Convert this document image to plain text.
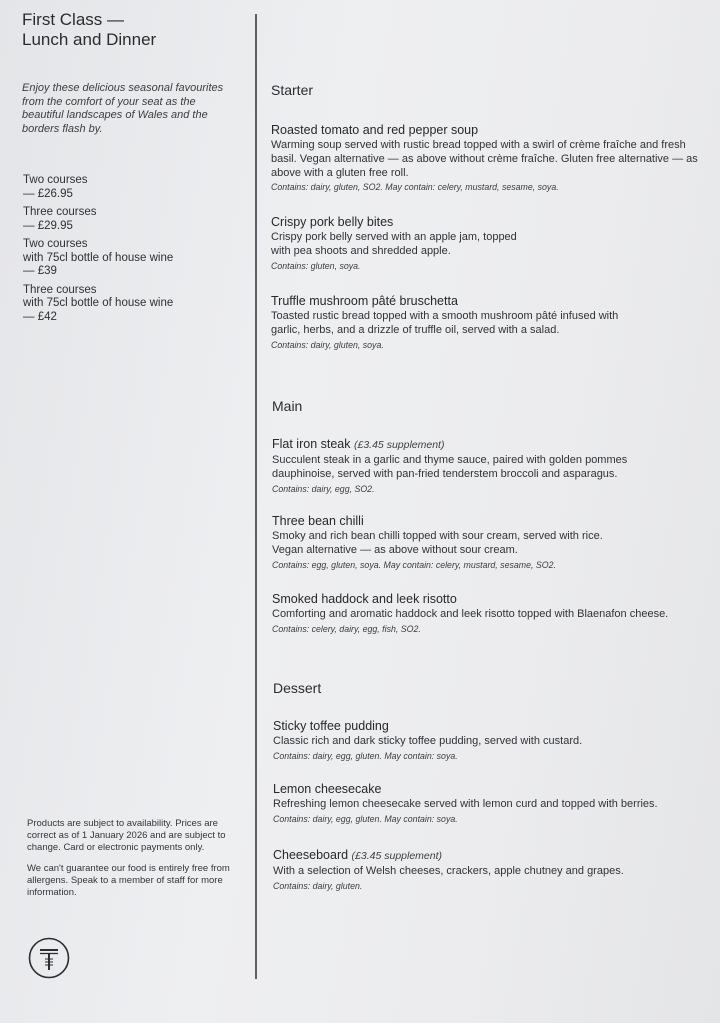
First Class —
Lunch and Dinner
Enjoy these delicious seasonal favourites from the comfort of your seat as the beautiful landscapes of Wales and the borders flash by.
Two courses
— £26.95
Three courses
— £29.95
Two courses
with 75cl bottle of house wine
— £39
Three courses
with 75cl bottle of house wine
— £42

Products are subject to availability. Prices are correct as of 1 January 2026 and are subject to change. Card or electronic payments only.

We can't guarantee our food is entirely free from allergens. Speak to a member of staff for more information.

Starter
Roasted tomato and red pepper soup
Warming soup served with rustic bread topped with a swirl of crème fraîche and fresh basil. Vegan alternative — as above without crème fraîche. Gluten free alternative — as above with a gluten free roll.
Contains: dairy, gluten, SO2. May contain: celery, mustard, sesame, soya.
Crispy pork belly bites
Crispy pork belly served with an apple jam, topped with pea shoots and shredded apple.
Contains: gluten, soya.
Truffle mushroom pâté bruschetta
Toasted rustic bread topped with a smooth mushroom pâté infused with garlic, herbs, and a drizzle of truffle oil, served with a salad.
Contains: dairy, gluten, soya.
Main
Flat iron steak (£3.45 supplement)
Succulent steak in a garlic and thyme sauce, paired with golden pommes dauphinoise, served with pan-fried tenderstem broccoli and asparagus.
Contains: dairy, egg, SO2.
Three bean chilli
Smoky and rich bean chilli topped with sour cream, served with rice. Vegan alternative — as above without sour cream.
Contains: egg, gluten, soya. May contain: celery, mustard, sesame, SO2.
Smoked haddock and leek risotto
Comforting and aromatic haddock and leek risotto topped with Blaenafon cheese.
Contains: celery, dairy, egg, fish, SO2.
Dessert
Sticky toffee pudding
Classic rich and dark sticky toffee pudding, served with custard.
Contains: dairy, egg, gluten. May contain: soya.
Lemon cheesecake
Refreshing lemon cheesecake served with lemon curd and topped with berries.
Contains: dairy, egg, gluten. May contain: soya.
Cheeseboard (£3.45 supplement)
With a selection of Welsh cheeses, crackers, apple chutney and grapes.
Contains: dairy, gluten.
